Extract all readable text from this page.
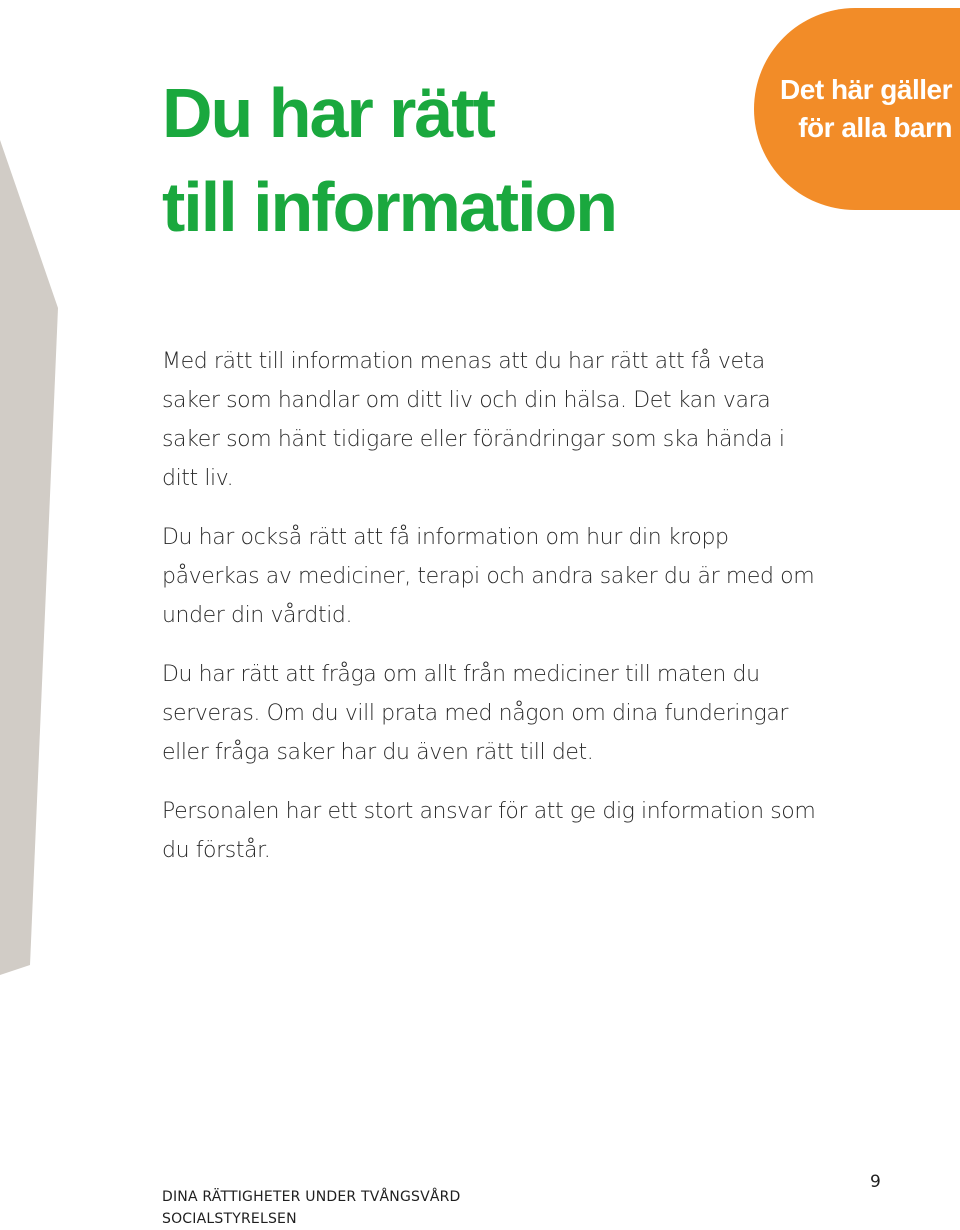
Det här gäller
för alla barn
Du har rätt
till information

Med rätt till information menas att du har rätt att få veta saker som handlar om ditt liv och din hälsa. Det kan vara saker som hänt tidigare eller förändringar som ska hända i ditt liv.

Du har också rätt att få information om hur din kropp påverkas av mediciner, terapi och andra saker du är med om under din vårdtid.

Du har rätt att fråga om allt från mediciner till maten du serveras. Om du vill prata med någon om dina funderingar eller fråga saker har du även rätt till det.

Personalen har ett stort ansvar för att ge dig information som du förstår.

DINA RÄTTIGHETER UNDER TVÅNGSVÅRD
SOCIALSTYRELSEN
9
